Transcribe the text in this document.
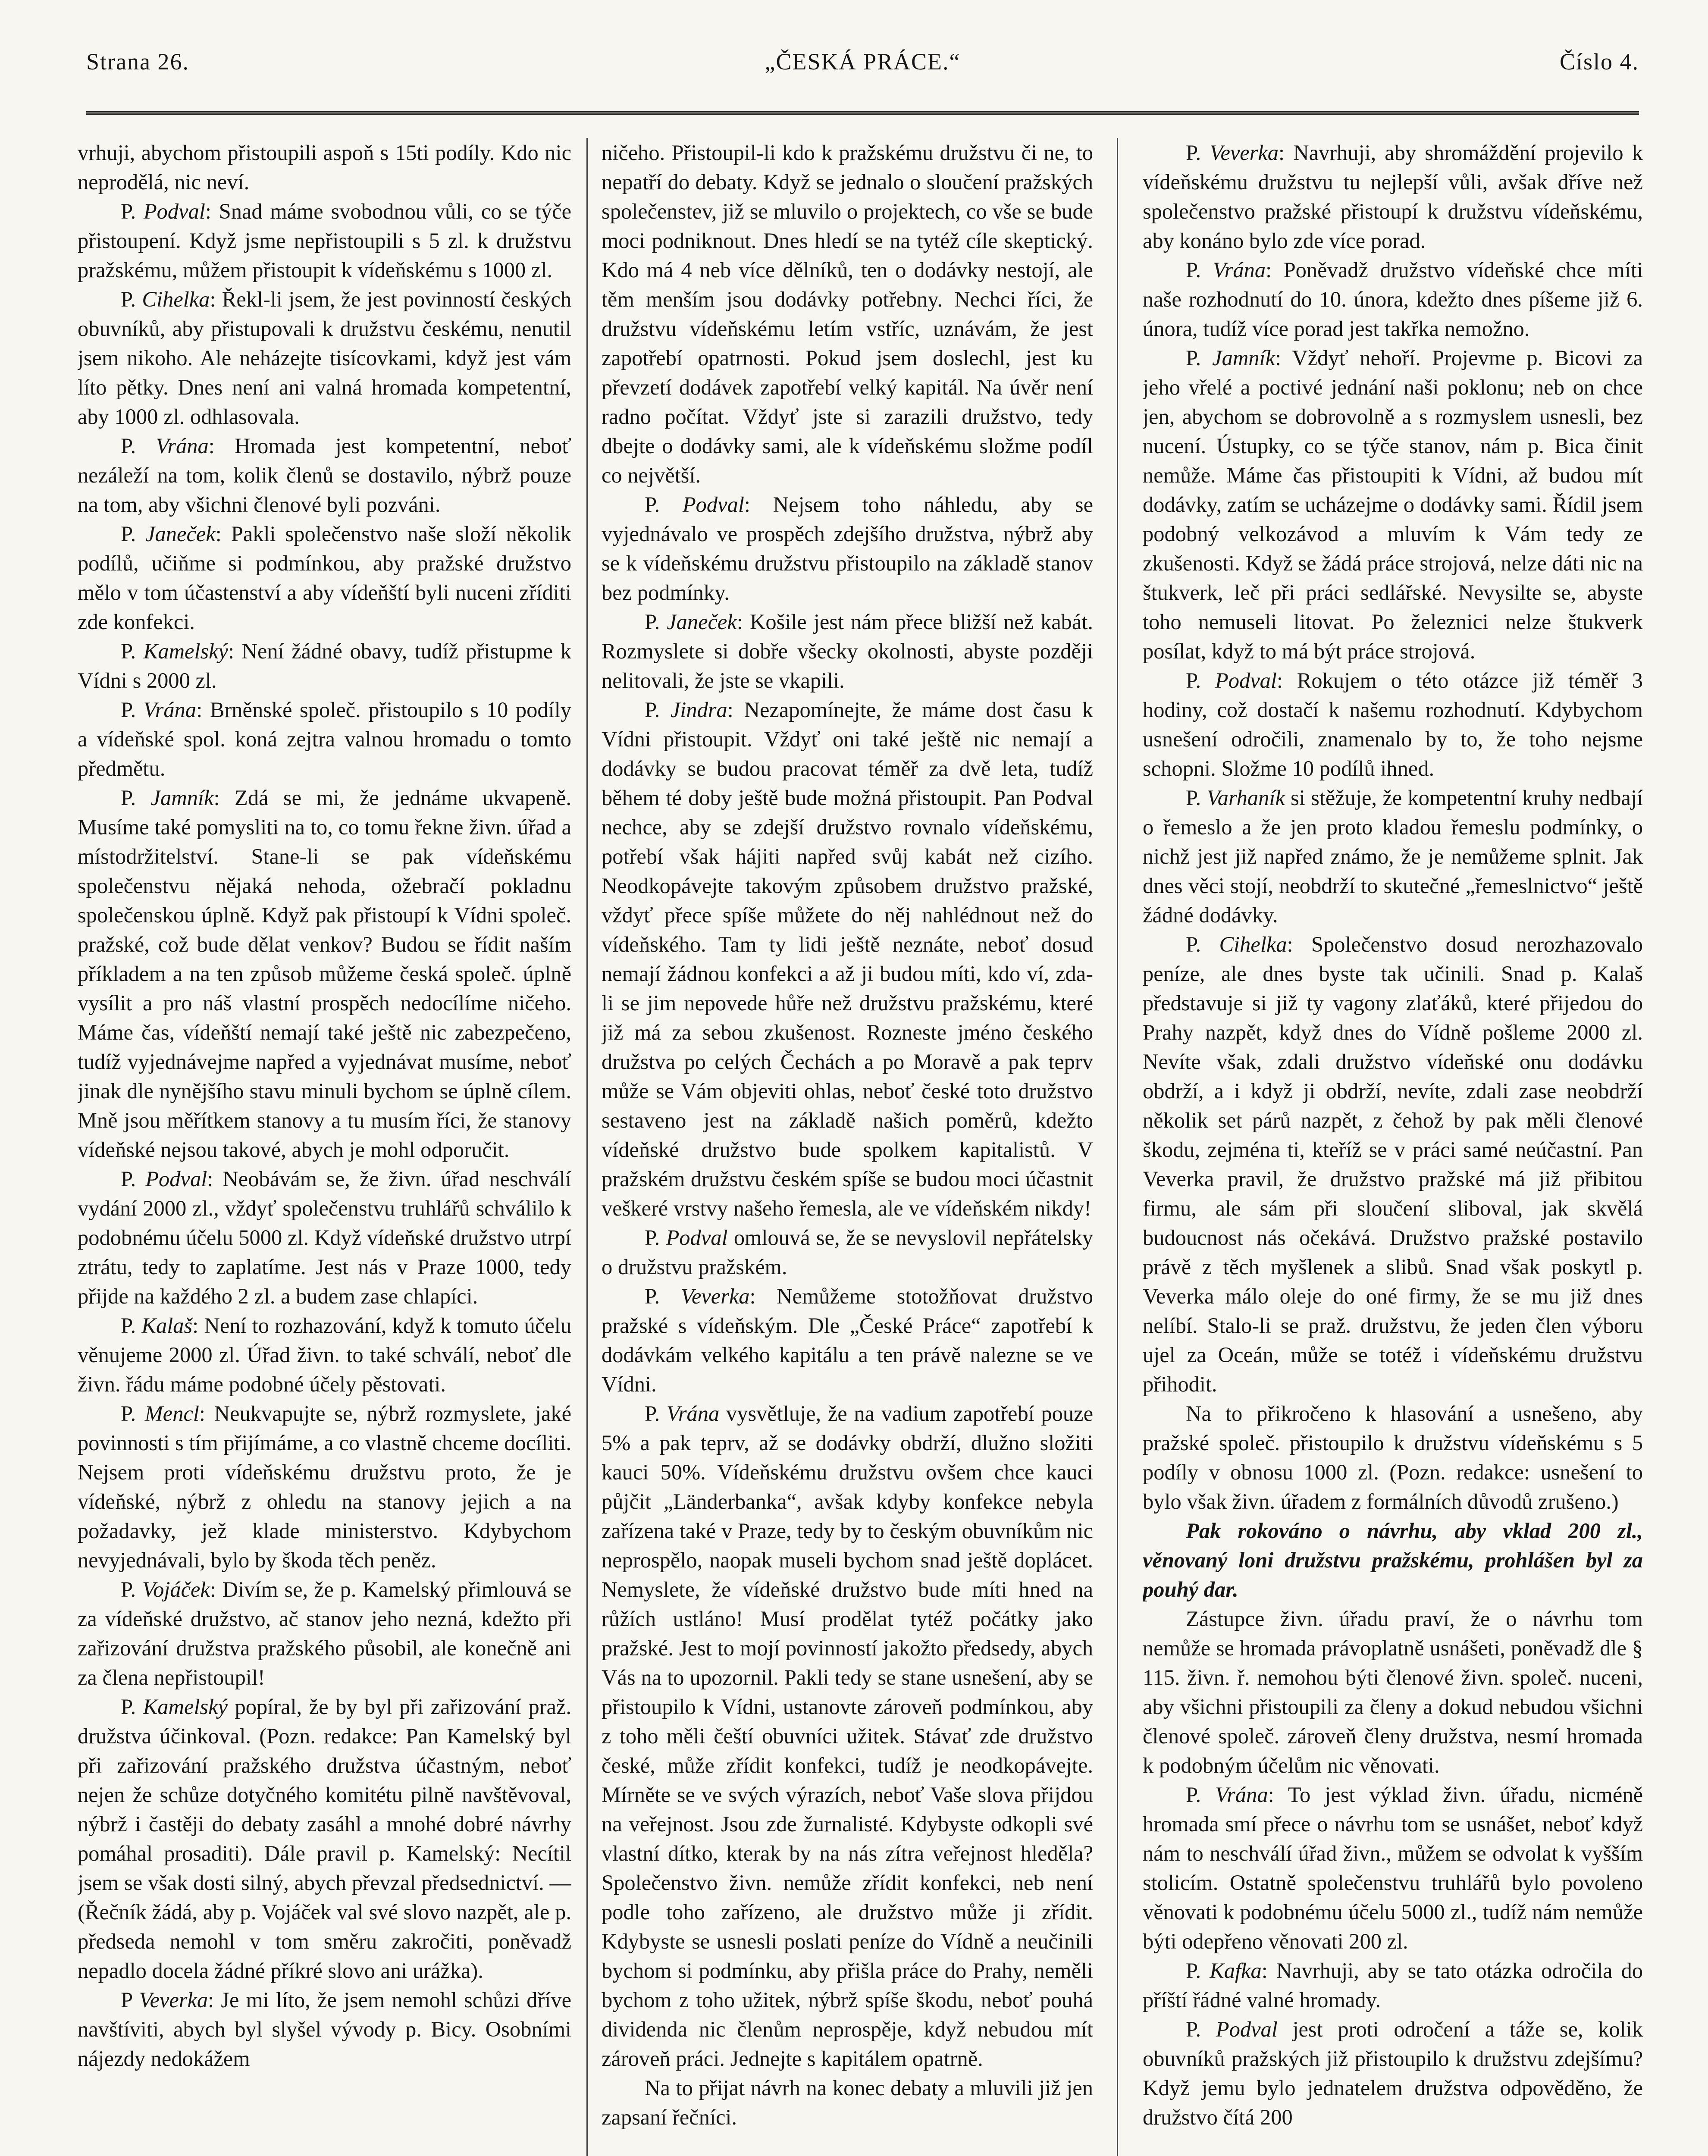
Strana 26.	„ČESKÁ PRÁCE.“	Číslo 4.

vrhuji, abychom přistoupili aspoň s 15ti podíly. Kdo nic neprodělá, nic neví.

P. Podval: Snad máme svobodnou vůli, co se týče přistoupení. Když jsme nepřistoupili s 5 zl. k družstvu pražskému, můžem přistoupit k vídeňskému s 1000 zl.

P. Cihelka: Řekl-li jsem, že jest povinností českých obuvníků, aby přistupovali k družstvu českému, nenutil jsem nikoho. Ale neházejte tisícovkami, když jest vám líto pětky. Dnes není ani valná hromada kompetentní, aby 1000 zl. odhlasovala.

P. Vrána: Hromada jest kompetentní, neboť nezáleží na tom, kolik členů se dostavilo, nýbrž pouze na tom, aby všichni členové byli pozváni.

P. Janeček: Pakli společenstvo naše složí několik podílů, učiňme si podmínkou, aby pražské družstvo mělo v tom účastenství a aby vídeňští byli nuceni zříditi zde konfekci.

P. Kamelský: Není žádné obavy, tudíž přistupme k Vídni s 2000 zl.

P. Vrána: Brněnské společ. přistoupilo s 10 podíly a vídeňské spol. koná zejtra valnou hromadu o tomto předmětu.

P. Jamník: Zdá se mi, že jednáme ukvapeně. Musíme také pomysliti na to, co tomu řekne živn. úřad a místodržitelství. Stane-li se pak vídeňskému společenstvu nějaká nehoda, ožebračí pokladnu společenskou úplně. Když pak přistoupí k Vídni společ. pražské, což bude dělat venkov? Budou se řídit naším příkladem a na ten způsob můžeme česká společ. úplně vysílit a pro náš vlastní prospěch nedocílíme ničeho. Máme čas, vídeňští nemají také ještě nic zabezpečeno, tudíž vyjednávejme napřed a vyjednávat musíme, neboť jinak dle nynějšího stavu minuli bychom se úplně cílem. Mně jsou měřítkem stanovy a tu musím říci, že stanovy vídeňské nejsou takové, abych je mohl odporučit.

P. Podval: Neobávám se, že živn. úřad neschválí vydání 2000 zl., vždyť společenstvu truhlářů schválilo k podobnému účelu 5000 zl. Když vídeňské družstvo utrpí ztrátu, tedy to zaplatíme. Jest nás v Praze 1000, tedy přijde na každého 2 zl. a budem zase chlapíci.

P. Kalaš: Není to rozhazování, když k tomuto účelu věnujeme 2000 zl. Úřad živn. to také schválí, neboť dle živn. řádu máme podobné účely pěstovati.

P. Mencl: Neukvapujte se, nýbrž rozmyslete, jaké povinnosti s tím přijímáme, a co vlastně chceme docíliti. Nejsem proti vídeňskému družstvu proto, že je vídeňské, nýbrž z ohledu na stanovy jejich a na požadavky, jež klade ministerstvo. Kdybychom nevyjednávali, bylo by škoda těch peněz.

P. Vojáček: Divím se, že p. Kamelský přimlouvá se za vídeňské družstvo, ač stanov jeho nezná, kdežto při zařizování družstva pražského působil, ale konečně ani za člena nepřistoupil!

P. Kamelský popíral, že by byl při zařizování praž. družstva účinkoval. (Pozn. redakce: Pan Kamelský byl při zařizování pražského družstva účastným, neboť nejen že schůze dotyčného komitétu pilně navštěvoval, nýbrž i častěji do debaty zasáhl a mnohé dobré návrhy pomáhal prosaditi). Dále pravil p. Kamelský: Necítil jsem se však dosti silný, abych převzal předsednictví. — (Řečník žádá, aby p. Vojáček val své slovo nazpět, ale p. předseda nemohl v tom směru zakročiti, poněvadž nepadlo docela žádné příkré slovo ani urážka).

P Veverka: Je mi líto, že jsem nemohl schůzi dříve navštíviti, abych byl slyšel vývody p. Bicy. Osobními nájezdy nedokážem

ničeho. Přistoupil-li kdo k pražskému družstvu či ne, to nepatří do debaty. Když se jednalo o sloučení pražských společenstev, již se mluvilo o projektech, co vše se bude moci podniknout. Dnes hledí se na tytéž cíle skeptický. Kdo má 4 neb více dělníků, ten o dodávky nestojí, ale těm menším jsou dodávky potřebny. Nechci říci, že družstvu vídeňskému letím vstříc, uznávám, že jest zapotřebí opatrnosti. Pokud jsem doslechl, jest ku převzetí dodávek zapotřebí velký kapitál. Na úvěr není radno počítat. Vždyť jste si zarazili družstvo, tedy dbejte o dodávky sami, ale k vídeňskému složme podíl co největší.

P. Podval: Nejsem toho náhledu, aby se vyjednávalo ve prospěch zdejšího družstva, nýbrž aby se k vídeňskému družstvu přistoupilo na základě stanov bez podmínky.

P. Janeček: Košile jest nám přece bližší než kabát. Rozmyslete si dobře všecky okolnosti, abyste později nelitovali, že jste se vkapili.

P. Jindra: Nezapomínejte, že máme dost času k Vídni přistoupit. Vždyť oni také ještě nic nemají a dodávky se budou pracovat téměř za dvě leta, tudíž během té doby ještě bude možná přistoupit. Pan Podval nechce, aby se zdejší družstvo rovnalo vídeňskému, potřebí však hájiti napřed svůj kabát než cizího. Neodkopávejte takovým způsobem družstvo pražské, vždyť přece spíše můžete do něj nahlédnout než do vídeňského. Tam ty lidi ještě neznáte, neboť dosud nemají žádnou konfekci a až ji budou míti, kdo ví, zda-li se jim nepovede hůře než družstvu pražskému, které již má za sebou zkušenost. Rozneste jméno českého družstva po celých Čechách a po Moravě a pak teprv může se Vám objeviti ohlas, neboť české toto družstvo sestaveno jest na základě našich poměrů, kdežto vídeňské družstvo bude spolkem kapitalistů. V pražském družstvu českém spíše se budou moci účastnit veškeré vrstvy našeho řemesla, ale ve vídeňském nikdy!

P. Podval omlouvá se, že se nevyslovil nepřátelsky o družstvu pražském.

P. Veverka: Nemůžeme stotožňovat družstvo pražské s vídeňským. Dle „České Práce“ zapotřebí k dodávkám velkého kapitálu a ten právě nalezne se ve Vídni.

P. Vrána vysvětluje, že na vadium zapotřebí pouze 5% a pak teprv, až se dodávky obdrží, dlužno složiti kauci 50%. Vídeňskému družstvu ovšem chce kauci půjčit „Länderbanka“, avšak kdyby konfekce nebyla zařízena také v Praze, tedy by to českým obuvníkům nic neprospělo, naopak museli bychom snad ještě doplácet. Nemyslete, že vídeňské družstvo bude míti hned na růžích ustláno! Musí prodělat tytéž počátky jako pražské. Jest to mojí povinností jakožto předsedy, abych Vás na to upozornil. Pakli tedy se stane usnešení, aby se přistoupilo k Vídni, ustanovte zároveň podmínkou, aby z toho měli čeští obuvníci užitek. Stávať zde družstvo české, může zřídit konfekci, tudíž je neodkopávejte. Mírněte se ve svých výrazích, neboť Vaše slova přijdou na veřejnost. Jsou zde žurnalisté. Kdybyste odkopli své vlastní dítko, kterak by na nás zítra veřejnost hleděla? Společenstvo živn. nemůže zřídit konfekci, neb není podle toho zařízeno, ale družstvo může ji zřídit. Kdybyste se usnesli poslati peníze do Vídně a neučinili bychom si podmínku, aby přišla práce do Prahy, neměli bychom z toho užitek, nýbrž spíše škodu, neboť pouhá dividenda nic členům neprospěje, když nebudou mít zároveň práci. Jednejte s kapitálem opatrně.

Na to přijat návrh na konec debaty a mluvili již jen zapsaní řečníci.

P. Veverka: Navrhuji, aby shromáždění projevilo k vídeňskému družstvu tu nejlepší vůli, avšak dříve než společenstvo pražské přistoupí k družstvu vídeňskému, aby konáno bylo zde více porad.

P. Vrána: Poněvadž družstvo vídeňské chce míti naše rozhodnutí do 10. února, kdežto dnes píšeme již 6. února, tudíž více porad jest takřka nemožno.

P. Jamník: Vždyť nehoří. Projevme p. Bicovi za jeho vřelé a poctivé jednání naši poklonu; neb on chce jen, abychom se dobrovolně a s rozmyslem usnesli, bez nucení. Ústupky, co se týče stanov, nám p. Bica činit nemůže. Máme čas přistoupiti k Vídni, až budou mít dodávky, zatím se ucházejme o dodávky sami. Řídil jsem podobný velkozávod a mluvím k Vám tedy ze zkušenosti. Když se žádá práce strojová, nelze dáti nic na štukverk, leč při práci sedlářské. Nevysilte se, abyste toho nemuseli litovat. Po železnici nelze štukverk posílat, když to má být práce strojová.

P. Podval: Rokujem o této otázce již téměř 3 hodiny, což dostačí k našemu rozhodnutí. Kdybychom usnešení odročili, znamenalo by to, že toho nejsme schopni. Složme 10 podílů ihned.

P. Varhaník si stěžuje, že kompetentní kruhy nedbají o řemeslo a že jen proto kladou řemeslu podmínky, o nichž jest již napřed známo, že je nemůžeme splnit. Jak dnes věci stojí, neobdrží to skutečné „řemeslnictvo“ ještě žádné dodávky.

P. Cihelka: Společenstvo dosud nerozhazovalo peníze, ale dnes byste tak učinili. Snad p. Kalaš představuje si již ty vagony zlaťáků, které přijedou do Prahy nazpět, když dnes do Vídně pošleme 2000 zl. Nevíte však, zdali družstvo vídeňské onu dodávku obdrží, a i když ji obdrží, nevíte, zdali zase neobdrží několik set párů nazpět, z čehož by pak měli členové škodu, zejména ti, kteříž se v práci samé neúčastní. Pan Veverka pravil, že družstvo pražské má již přibitou firmu, ale sám při sloučení sliboval, jak skvělá budoucnost nás očekává. Družstvo pražské postavilo právě z těch myšlenek a slibů. Snad však poskytl p. Veverka málo oleje do oné firmy, že se mu již dnes nelíbí. Stalo-li se praž. družstvu, že jeden člen výboru ujel za Oceán, může se totéž i vídeňskému družstvu přihodit.

Na to přikročeno k hlasování a usnešeno, aby pražské společ. přistoupilo k družstvu vídeňskému s 5 podíly v obnosu 1000 zl. (Pozn. redakce: usnešení to bylo však živn. úřadem z formálních důvodů zrušeno.)

Pak rokováno o návrhu, aby vklad 200 zl., věnovaný loni družstvu pražskému, prohlášen byl za pouhý dar.

Zástupce živn. úřadu praví, že o návrhu tom nemůže se hromada právoplatně usnášeti, poněvadž dle § 115. živn. ř. nemohou býti členové živn. společ. nuceni, aby všichni přistoupili za členy a dokud nebudou všichni členové společ. zároveň členy družstva, nesmí hromada k podobným účelům nic věnovati.

P. Vrána: To jest výklad živn. úřadu, nicméně hromada smí přece o návrhu tom se usnášet, neboť když nám to neschválí úřad živn., můžem se odvolat k vyšším stolicím. Ostatně společenstvu truhlářů bylo povoleno věnovati k podobnému účelu 5000 zl., tudíž nám nemůže býti odepřeno věnovati 200 zl.

P. Kafka: Navrhuji, aby se tato otázka odročila do příští řádné valné hromady.

P. Podval jest proti odročení a táže se, kolik obuvníků pražských již přistoupilo k družstvu zdejšímu? Když jemu bylo jednatelem družstva odpověděno, že družstvo čítá 200
